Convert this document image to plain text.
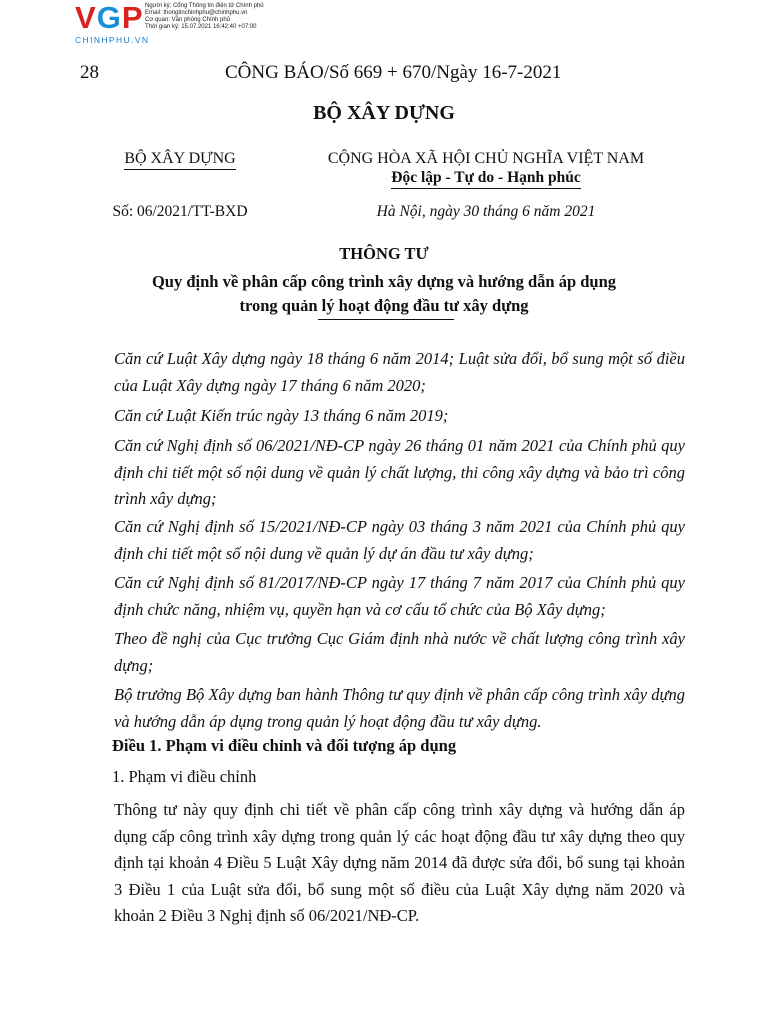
VGP
CHINHPHU.VN
Người ký: Cổng Thông tin điện tử Chính phủ
Email: thongtinchinhphu@chinhphu.vn
Cơ quan: Văn phòng Chính phủ
Thời gian ký: 15.07.2021 16:42:40 +07:00
28	CÔNG BÁO/Số 669 + 670/Ngày 16-7-2021
BỘ XÂY DỰNG
BỘ XÂY DỰNG	CỘNG HÒA XÃ HỘI CHỦ NGHĨA VIỆT NAM
Độc lập - Tự do - Hạnh phúc
Số: 06/2021/TT-BXD	Hà Nội, ngày 30 tháng 6 năm 2021
THÔNG TƯ
Quy định về phân cấp công trình xây dựng và hướng dẫn áp dụng
trong quản lý hoạt động đầu tư xây dựng
Căn cứ Luật Xây dựng ngày 18 tháng 6 năm 2014; Luật sửa đổi, bổ sung một số điều của Luật Xây dựng ngày 17 tháng 6 năm 2020;
Căn cứ Luật Kiến trúc ngày 13 tháng 6 năm 2019;
Căn cứ Nghị định số 06/2021/NĐ-CP ngày 26 tháng 01 năm 2021 của Chính phủ quy định chi tiết một số nội dung về quản lý chất lượng, thi công xây dựng và bảo trì công trình xây dựng;
Căn cứ Nghị định số 15/2021/NĐ-CP ngày 03 tháng 3 năm 2021 của Chính phủ quy định chi tiết một số nội dung về quản lý dự án đầu tư xây dựng;
Căn cứ Nghị định số 81/2017/NĐ-CP ngày 17 tháng 7 năm 2017 của Chính phủ quy định chức năng, nhiệm vụ, quyền hạn và cơ cấu tổ chức của Bộ Xây dựng;
Theo đề nghị của Cục trưởng Cục Giám định nhà nước về chất lượng công trình xây dựng;
Bộ trưởng Bộ Xây dựng ban hành Thông tư quy định về phân cấp công trình xây dựng và hướng dẫn áp dụng trong quản lý hoạt động đầu tư xây dựng.
Điều 1. Phạm vi điều chỉnh và đối tượng áp dụng
1. Phạm vi điều chỉnh
Thông tư này quy định chi tiết về phân cấp công trình xây dựng và hướng dẫn áp dụng cấp công trình xây dựng trong quản lý các hoạt động đầu tư xây dựng theo quy định tại khoản 4 Điều 5 Luật Xây dựng năm 2014 đã được sửa đổi, bổ sung tại khoản 3 Điều 1 của Luật sửa đổi, bổ sung một số điều của Luật Xây dựng năm 2020 và khoản 2 Điều 3 Nghị định số 06/2021/NĐ-CP.
